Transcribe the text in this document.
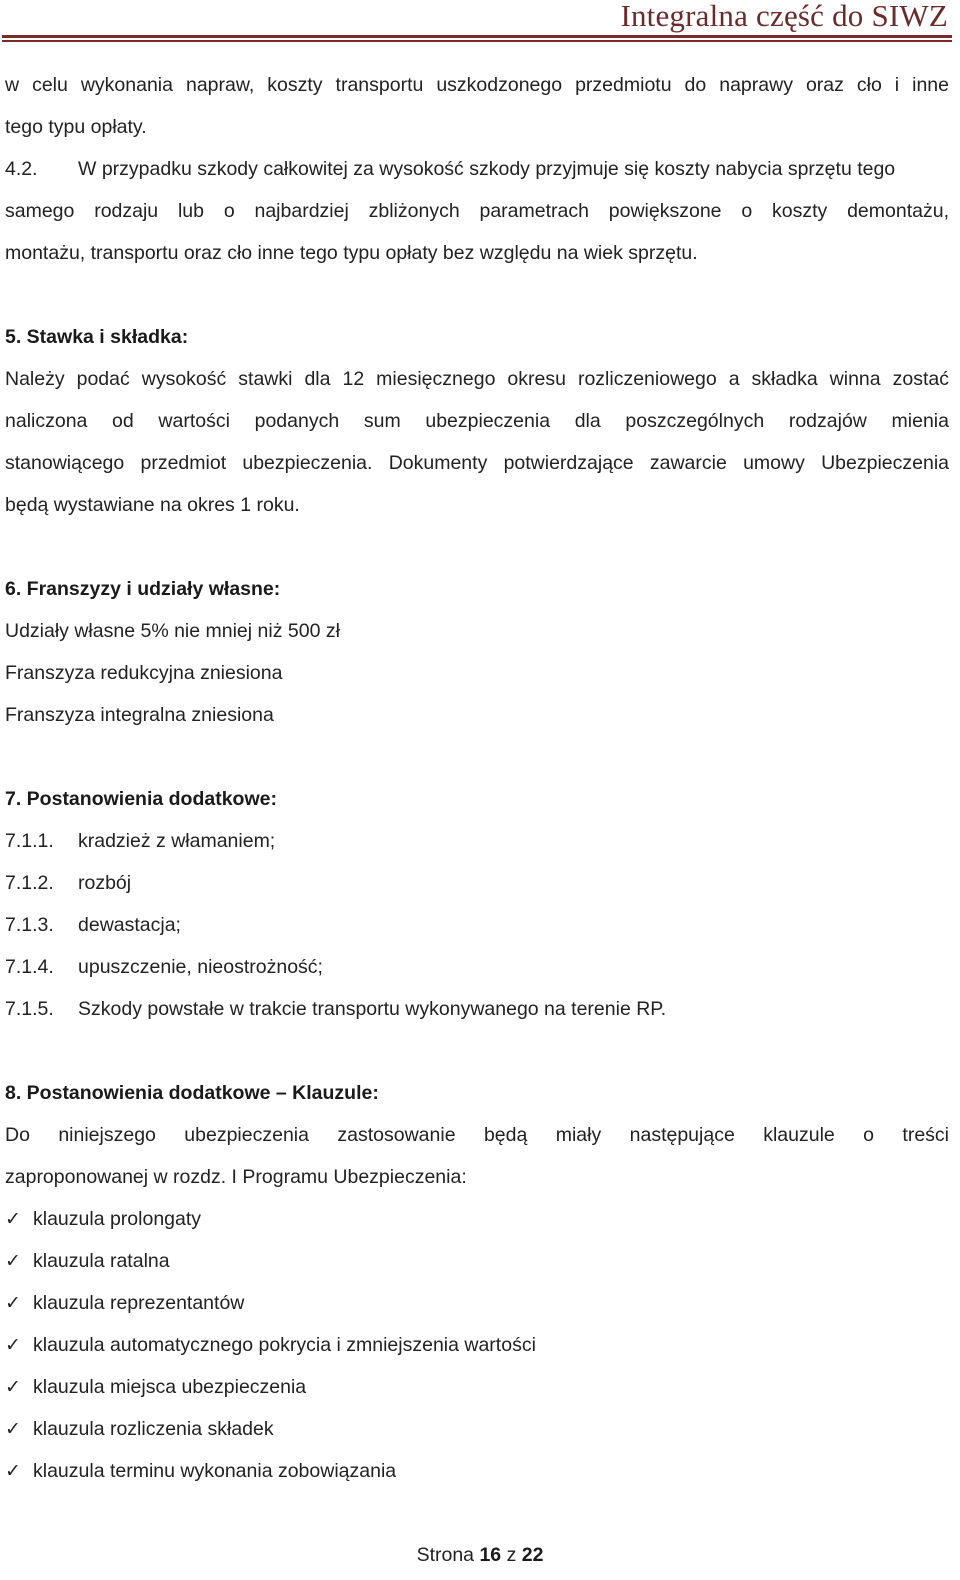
Integralna część do SIWZ
w celu wykonania napraw, koszty transportu uszkodzonego przedmiotu do naprawy oraz cło i inne
tego typu opłaty.
4.2. W przypadku szkody całkowitej za wysokość szkody przyjmuje się koszty nabycia sprzętu tego
samego rodzaju lub o najbardziej zbliżonych parametrach powiększone o koszty demontażu,
montażu, transportu oraz cło inne tego typu opłaty bez względu na wiek sprzętu.
5. Stawka i składka:
Należy podać wysokość stawki dla 12 miesięcznego okresu rozliczeniowego a składka winna zostać
naliczona od wartości podanych sum ubezpieczenia dla poszczególnych rodzajów mienia
stanowiącego przedmiot ubezpieczenia. Dokumenty potwierdzające zawarcie umowy Ubezpieczenia
będą wystawiane na okres 1 roku.
6. Franszyzy i udziały własne:
Udziały własne 5% nie mniej niż 500 zł
Franszyza redukcyjna zniesiona
Franszyza integralna zniesiona
7. Postanowienia dodatkowe:
7.1.1. kradzież z włamaniem;
7.1.2. rozbój
7.1.3. dewastacja;
7.1.4. upuszczenie, nieostrożność;
7.1.5. Szkody powstałe w trakcie transportu wykonywanego na terenie RP.
8. Postanowienia dodatkowe – Klauzule:
Do niniejszego ubezpieczenia zastosowanie będą miały następujące klauzule o treści
zaproponowanej w rozdz. I Programu Ubezpieczenia:
✓ klauzula prolongaty
✓ klauzula ratalna
✓ klauzula reprezentantów
✓ klauzula automatycznego pokrycia i zmniejszenia wartości
✓ klauzula miejsca ubezpieczenia
✓ klauzula rozliczenia składek
✓ klauzula terminu wykonania zobowiązania
Strona 16 z 22
